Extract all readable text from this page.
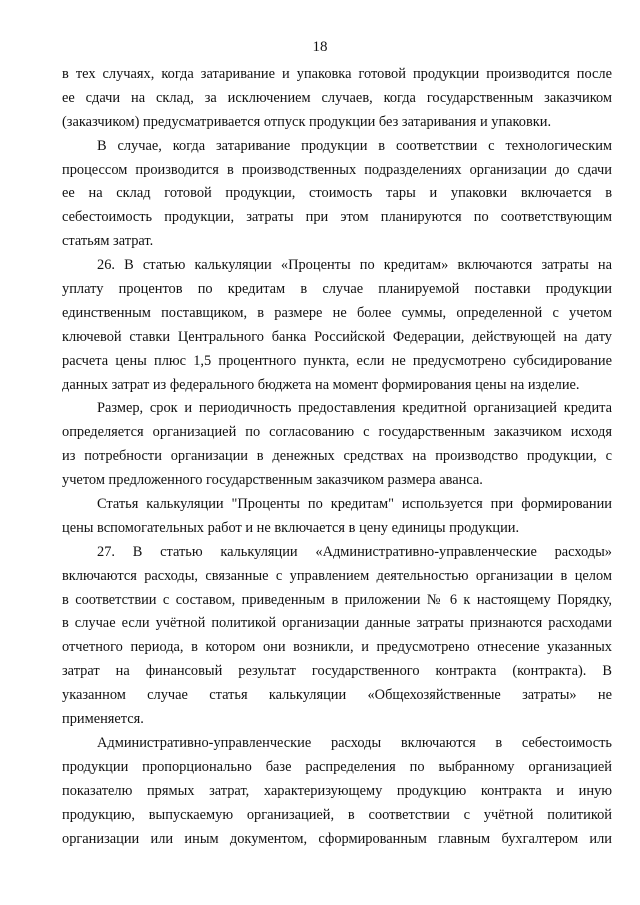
18
в тех случаях, когда затаривание и упаковка готовой продукции производится после
ее сдачи на склад, за исключением случаев, когда государственным заказчиком
(заказчиком) предусматривается отпуск продукции без затаривания и упаковки.
В случае, когда затаривание продукции в соответствии с технологическим
процессом производится в производственных подразделениях организации до сдачи
ее на склад готовой продукции, стоимость тары и упаковки включается в
себестоимость продукции, затраты при этом планируются по соответствующим
статьям затрат.
26. В статью калькуляции «Проценты по кредитам» включаются затраты на
уплату процентов по кредитам в случае планируемой поставки продукции
единственным поставщиком, в размере не более суммы, определенной с учетом
ключевой ставки Центрального банка Российской Федерации, действующей на дату
расчета цены плюс 1,5 процентного пункта, если не предусмотрено субсидирование
данных затрат из федерального бюджета на момент формирования цены на изделие.
Размер, срок и периодичность предоставления кредитной организацией кредита
определяется организацией по согласованию с государственным заказчиком исходя
из потребности организации в денежных средствах на производство продукции, с
учетом предложенного государственным заказчиком размера аванса.
Статья калькуляции "Проценты по кредитам" используется при формировании
цены вспомогательных работ и не включается в цену единицы продукции.
27. В статью калькуляции «Административно-управленческие расходы»
включаются расходы, связанные с управлением деятельностью организации в целом
в соответствии с составом, приведенным в приложении № 6 к настоящему Порядку,
в случае если учётной политикой организации данные затраты признаются расходами
отчетного периода, в котором они возникли, и предусмотрено отнесение указанных
затрат на финансовый результат государственного контракта (контракта). В
указанном случае статья калькуляции «Общехозяйственные затраты» не
применяется.
Административно-управленческие расходы включаются в себестоимость
продукции пропорционально базе распределения по выбранному организацией
показателю прямых затрат, характеризующему продукцию контракта и иную
продукцию, выпускаемую организацией, в соответствии с учётной политикой
организации или иным документом, сформированным главным бухгалтером или
